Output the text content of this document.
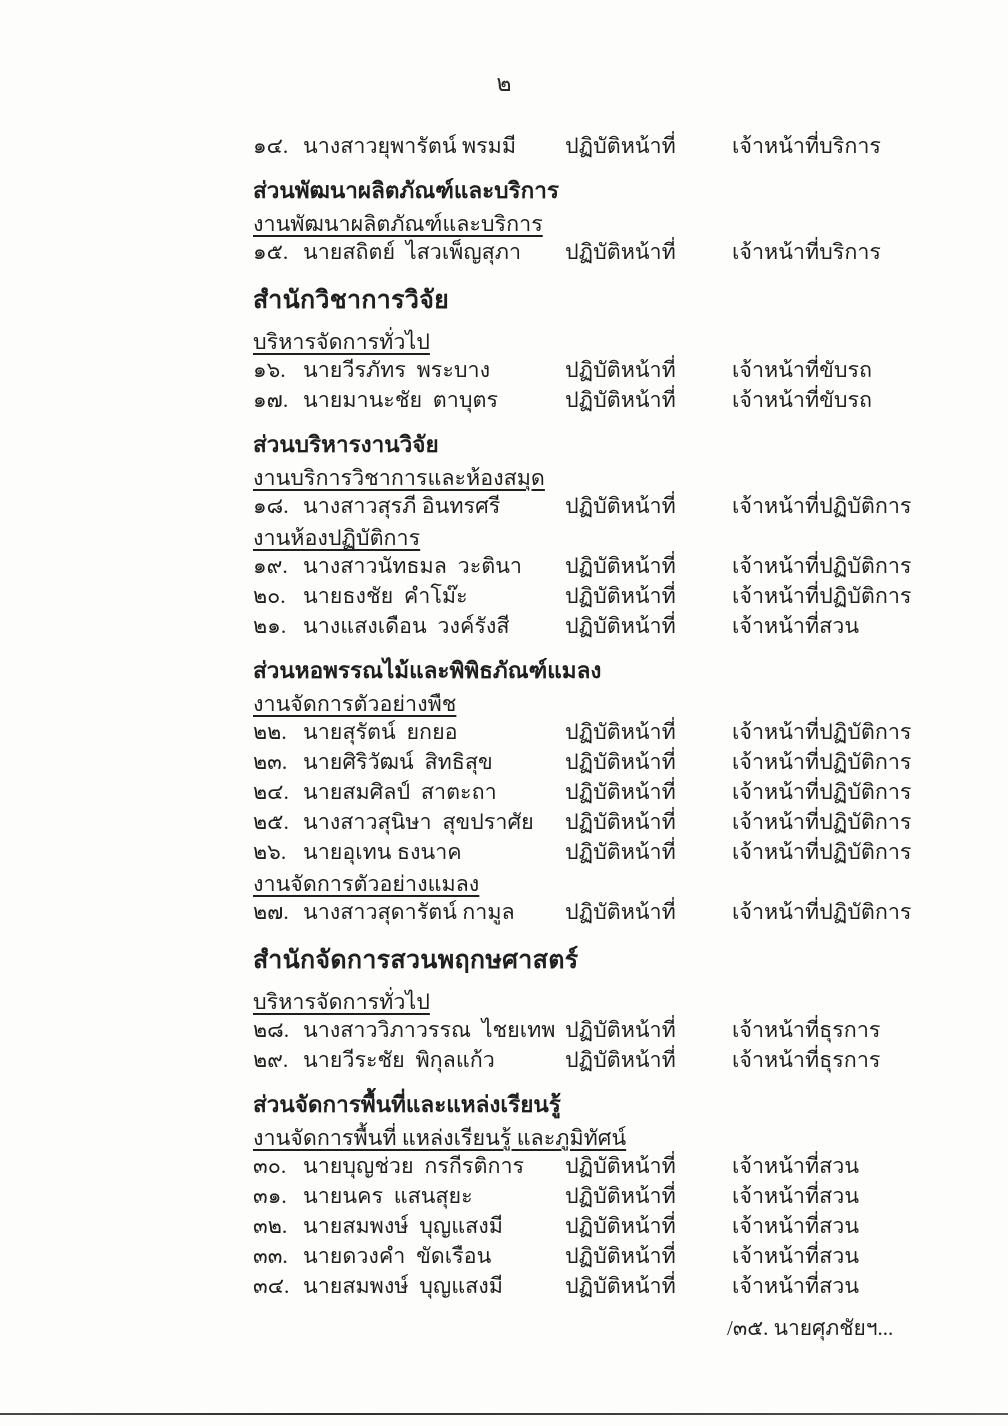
๒
๑๔. นางสาวยุพารัตน์ พรมมี	ปฏิบัติหน้าที่	เจ้าหน้าที่บริการ
ส่วนพัฒนาผลิตภัณฑ์และบริการ
งานพัฒนาผลิตภัณฑ์และบริการ
๑๕. นายสถิตย์  ไสวเพ็ญสุภา	ปฏิบัติหน้าที่	เจ้าหน้าที่บริการ
สำนักวิชาการวิจัย
บริหารจัดการทั่วไป
๑๖. นายวีรภัทร  พระบาง	ปฏิบัติหน้าที่	เจ้าหน้าที่ขับรถ
๑๗. นายมานะชัย  ตาบุตร	ปฏิบัติหน้าที่	เจ้าหน้าที่ขับรถ
ส่วนบริหารงานวิจัย
งานบริการวิชาการและห้องสมุด
๑๘. นางสาวสุรภี อินทรศรี	ปฏิบัติหน้าที่	เจ้าหน้าที่ปฏิบัติการ
งานห้องปฏิบัติการ
๑๙. นางสาวนัทธมล  วะตินา	ปฏิบัติหน้าที่	เจ้าหน้าที่ปฏิบัติการ
๒๐. นายธงชัย  คำโม๊ะ	ปฏิบัติหน้าที่	เจ้าหน้าที่ปฏิบัติการ
๒๑. นางแสงเดือน  วงค์รังสี	ปฏิบัติหน้าที่	เจ้าหน้าที่สวน
ส่วนหอพรรณไม้และพิพิธภัณฑ์แมลง
งานจัดการตัวอย่างพืช
๒๒. นายสุรัตน์  ยกยอ	ปฏิบัติหน้าที่	เจ้าหน้าที่ปฏิบัติการ
๒๓. นายศิริวัฒน์  สิทธิสุข	ปฏิบัติหน้าที่	เจ้าหน้าที่ปฏิบัติการ
๒๔. นายสมศิลป์  สาตะถา	ปฏิบัติหน้าที่	เจ้าหน้าที่ปฏิบัติการ
๒๕. นางสาวสุนิษา  สุขปราศัย	ปฏิบัติหน้าที่	เจ้าหน้าที่ปฏิบัติการ
๒๖. นายอุเทน ธงนาค	ปฏิบัติหน้าที่	เจ้าหน้าที่ปฏิบัติการ
งานจัดการตัวอย่างแมลง
๒๗. นางสาวสุดารัตน์ กามูล	ปฏิบัติหน้าที่	เจ้าหน้าที่ปฏิบัติการ
สำนักจัดการสวนพฤกษศาสตร์
บริหารจัดการทั่วไป
๒๘. นางสาววิภาวรรณ  ไชยเทพ ปฏิบัติหน้าที่	เจ้าหน้าที่ธุรการ
๒๙. นายวีระชัย  พิกุลแก้ว	ปฏิบัติหน้าที่	เจ้าหน้าที่ธุรการ
ส่วนจัดการพื้นที่และแหล่งเรียนรู้
งานจัดการพื้นที่ แหล่งเรียนรู้ และภูมิทัศน์
๓๐. นายบุญช่วย  กรกีรติการ	ปฏิบัติหน้าที่	เจ้าหน้าที่สวน
๓๑. นายนคร  แสนสุยะ	ปฏิบัติหน้าที่	เจ้าหน้าที่สวน
๓๒. นายสมพงษ์  บุญแสงมี	ปฏิบัติหน้าที่	เจ้าหน้าที่สวน
๓๓. นายดวงคำ  ขัดเรือน	ปฏิบัติหน้าที่	เจ้าหน้าที่สวน
๓๔. นายสมพงษ์  บุญแสงมี	ปฏิบัติหน้าที่	เจ้าหน้าที่สวน
/๓๕. นายศุภชัยฯ...
